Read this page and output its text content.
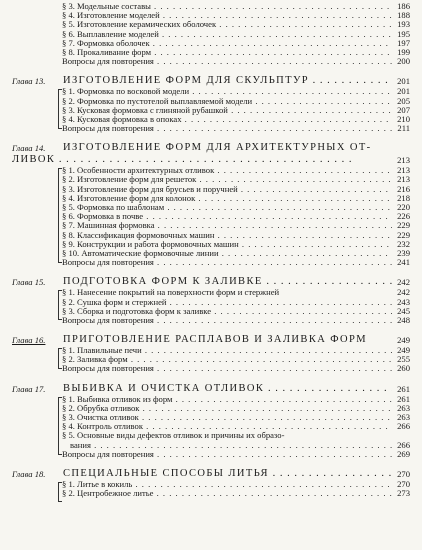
§ 3. Модельные составы . . .	186
§ 4. Изготовление моделей . . .	188
§ 5. Изготовление керамических оболочек . . .	193
§ 6. Выплавление моделей . . .	195
§ 7. Формовка оболочек . . .	197
§ 8. Прокаливание форм . . .	199
Вопросы для повторения . . .	200
Глава 13. ИЗГОТОВЛЕНИЕ ФОРМ ДЛЯ СКУЛЬПТУР . . .	201
§ 1. Формовка по восковой модели . . .	201
§ 2. Формовка по пустотелой выплавляемой модели . . .	205
§ 3. Кусковая формовка с глиняной рубашкой . . .	207
§ 4. Кусковая формовка в опоках . . .	210
Вопросы для повторения . . .	211
Глава 14. ИЗГОТОВЛЕНИЕ ФОРМ ДЛЯ АРХИТЕКТУРНЫХ ОТ-
ЛИВОК . . .	213
§ 1. Особенности архитектурных отливок . . .	213
§ 2. Изготовление форм для решеток . . .	213
§ 3. Изготовление форм для брусьев и поручней . . .	216
§ 4. Изготовление форм для колонок . . .	218
§ 5. Формовка по шаблонам . . .	220
§ 6. Формовка в почве . . .	226
§ 7. Машинная формовка . . .	229
§ 8. Классификация формовочных машин . . .	229
§ 9. Конструкции и работа формовочных машин . . .	232
§ 10. Автоматические формовочные линии . . .	239
Вопросы для повторения . . .	241
Глава 15. ПОДГОТОВКА ФОРМ К ЗАЛИВКЕ . . .	242
§ 1. Нанесение покрытий на поверхности форм и стержней	242
§ 2. Сушка форм и стержней . . .	243
§ 3. Сборка и подготовка форм к заливке . . .	245
Вопросы для повторения . . .	248
Глава 16. ПРИГОТОВЛЕНИЕ РАСПЛАВОВ И ЗАЛИВКА ФОРМ	249
§ 1. Плавильные печи . . .	249
§ 2. Заливка форм . . .	255
Вопросы для повторения . . .	260
Глава 17. ВЫБИВКА И ОЧИСТКА ОТЛИВОК . . .	261
§ 1. Выбивка отливок из форм . . .	261
§ 2. Обрубка отливок . . .	263
§ 3. Очистка отливок . . .	263
§ 4. Контроль отливок . . .	266
§ 5. Основные виды дефектов отливок и причины их образо-
вания . . .	266
Вопросы для повторения . . .	269
Глава 18. СПЕЦИАЛЬНЫЕ СПОСОБЫ ЛИТЬЯ . . .	270
§ 1. Литье в кокиль . . .	270
§ 2. Центробежное литье . . .	273
